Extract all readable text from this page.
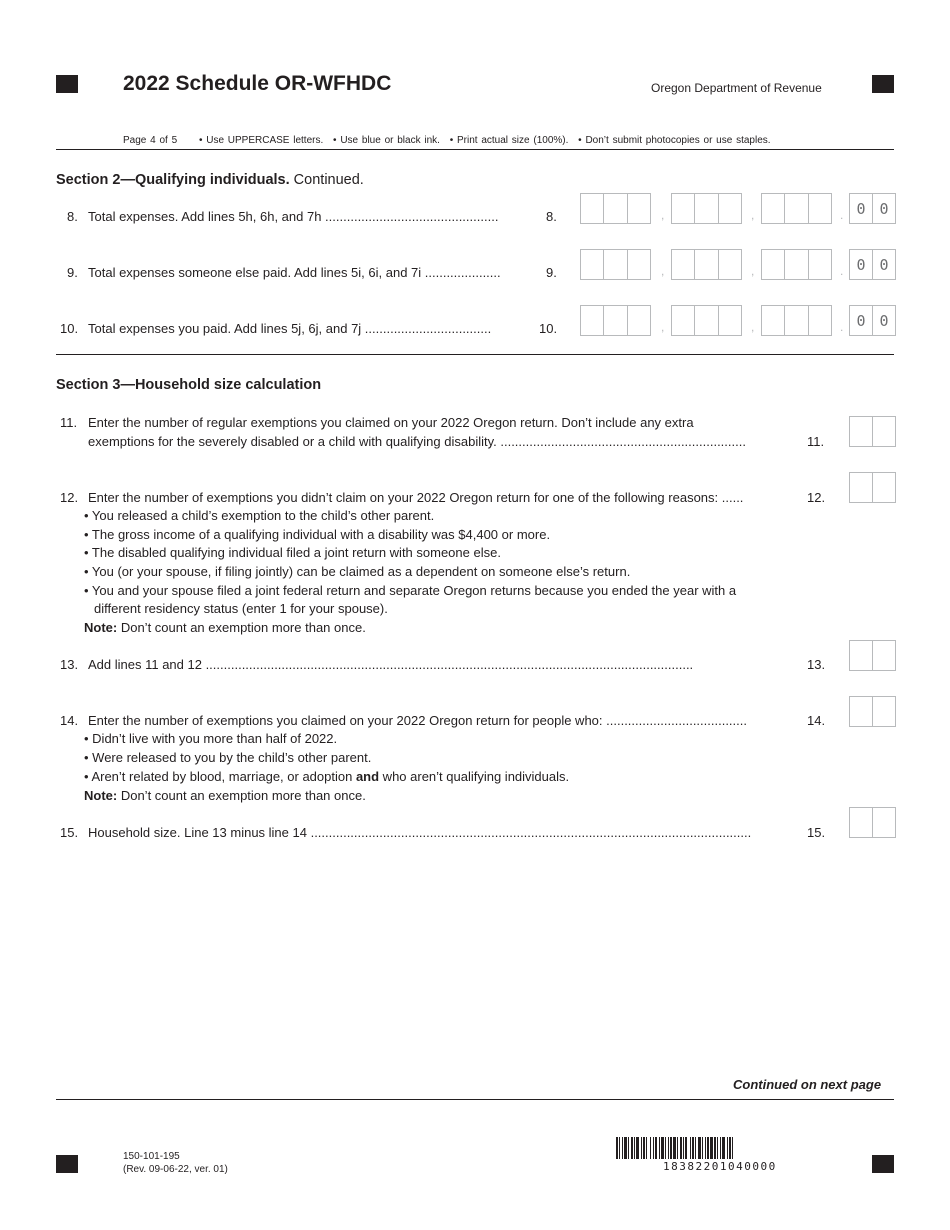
2022 Schedule OR-WFHDC	Oregon Department of Revenue
Page 4 of 5 • Use UPPERCASE letters. • Use blue or black ink. • Print actual size (100%). • Don’t submit photocopies or use staples.
Section 2—Qualifying individuals. Continued.
8. Total expenses. Add lines 5h, 6h, and 7h ................................................	8.	,	,	. 0 0
9. Total expenses someone else paid. Add lines 5i, 6i, and 7i .....................	9.	,	,	. 0 0
10. Total expenses you paid. Add lines 5j, 6j, and 7j ...................................	10.	,	,	. 0 0
Section 3—Household size calculation
11. Enter the number of regular exemptions you claimed on your 2022 Oregon return. Don’t include any extra
exemptions for the severely disabled or a child with qualifying disability. ....................................................................	11.
12. Enter the number of exemptions you didn’t claim on your 2022 Oregon return for one of the following reasons: ......	12.
• You released a child’s exemption to the child’s other parent.
• The gross income of a qualifying individual with a disability was $4,400 or more.
• The disabled qualifying individual filed a joint return with someone else.
• You (or your spouse, if filing jointly) can be claimed as a dependent on someone else’s return.
• You and your spouse filed a joint federal return and separate Oregon returns because you ended the year with a
different residency status (enter 1 for your spouse).
Note: Don’t count an exemption more than once.
13. Add lines 11 and 12 .......................................................................................................................................	13.
14. Enter the number of exemptions you claimed on your 2022 Oregon return for people who: .......................................	14.
• Didn’t live with you more than half of 2022.
• Were released to you by the child’s other parent.
• Aren’t related by blood, marriage, or adoption and who aren’t qualifying individuals.
Note: Don’t count an exemption more than once.
15. Household size. Line 13 minus line 14 ..........................................................................................................................	15.
Continued on next page
150-101-195
(Rev. 09-06-22, ver. 01)	18382201040000
